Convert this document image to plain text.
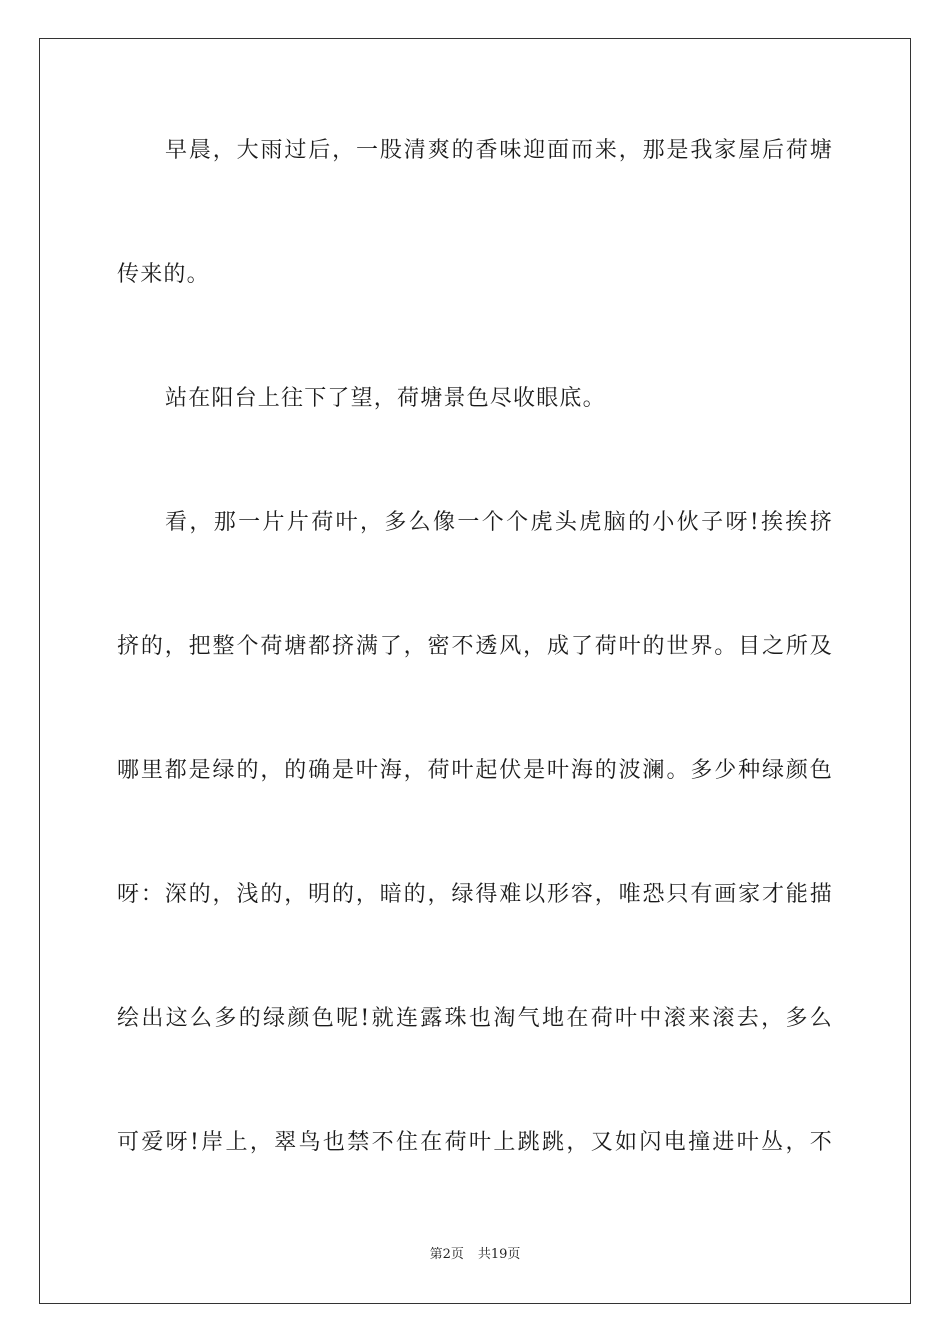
早晨，大雨过后，一股清爽的香味迎面而来，那是我家屋后荷塘
传来的。
站在阳台上往下了望，荷塘景色尽收眼底。
看，那一片片荷叶，多么像一个个虎头虎脑的小伙子呀!挨挨挤
挤的，把整个荷塘都挤满了，密不透风，成了荷叶的世界。目之所及
哪里都是绿的，的确是叶海，荷叶起伏是叶海的波澜。多少种绿颜色
呀：深的，浅的，明的，暗的，绿得难以形容，唯恐只有画家才能描
绘出这么多的绿颜色呢!就连露珠也淘气地在荷叶中滚来滚去，多么
可爱呀!岸上，翠鸟也禁不住在荷叶上跳跳，又如闪电撞进叶丛，不
第2页 共19页
